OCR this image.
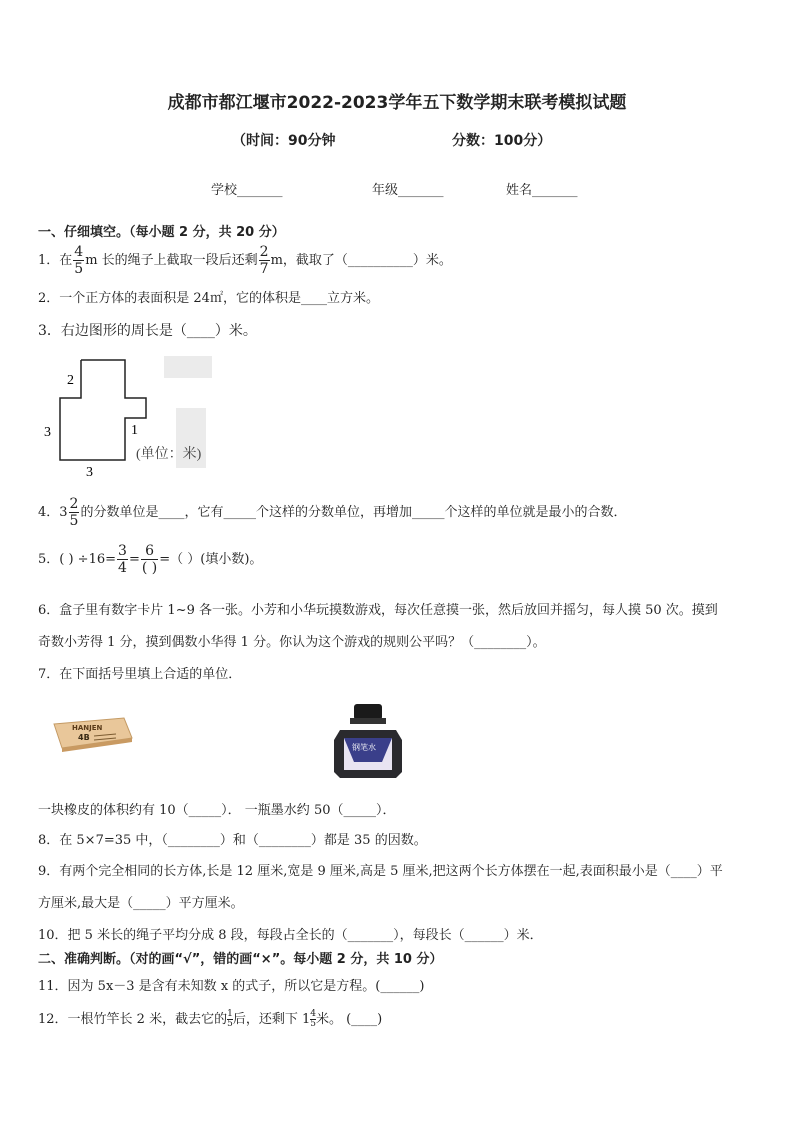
成都市都江堰市2022-2023学年五下数学期末联考模拟试题
（时间：90分钟	分数：100分）
学校_______	年级_______	姓名_______
一、仔细填空。（每小题 2 分，共 20 分）
1．在 $\frac{4}{5}$ m 长的绳子上截取一段后还剩 $\frac{2}{7}$ m，截取了（__________）米。
2．一个正方体的表面积是 24㎡，它的体积是____立方米。
3．右边图形的周长是（____）米。
2
3
3
1
(单位：米)
4．$3 \frac{2}{5}$ 的分数单位是____，它有_____个这样的分数单位，再增加_____个这样的单位就是最小的合数．
5．( ) $\div 16= \frac{3}{4} = \frac{6}{( )}$ =（ ）(填小数)。
6．盒子里有数字卡片 1~9 各一张。小芳和小华玩摸数游戏，每次任意摸一张，然后放回并摇匀，每人摸 50 次。摸到
奇数小芳得 1 分，摸到偶数小华得 1 分。你认为这个游戏的规则公平吗？（________）。
7．在下面括号里填上合适的单位．
HANJEN
4B
钢笔水
一块橡皮的体积约有 10（_____）． 一瓶墨水约 50（_____）．
8．在 5×7=35 中，（________）和（________）都是 35 的因数。
9．有两个完全相同的长方体,长是 12 厘米,宽是 9 厘米,高是 5 厘米,把这两个长方体摆在一起,表面积最小是（____）平
方厘米,最大是（_____）平方厘米。
10．把 5 米长的绳子平均分成 8 段，每段占全长的（_______），每段长（______）米．
二、准确判断。（对的画“√”，错的画“×”。每小题 2 分，共 10 分）
11．因为 5x－3 是含有未知数 x 的式子，所以它是方程。(______)
12．一根竹竿长 2 米，截去它的 $\frac{1}{5}$ 后，还剩下 $1 \frac{4}{5}$ 米。 (____)
